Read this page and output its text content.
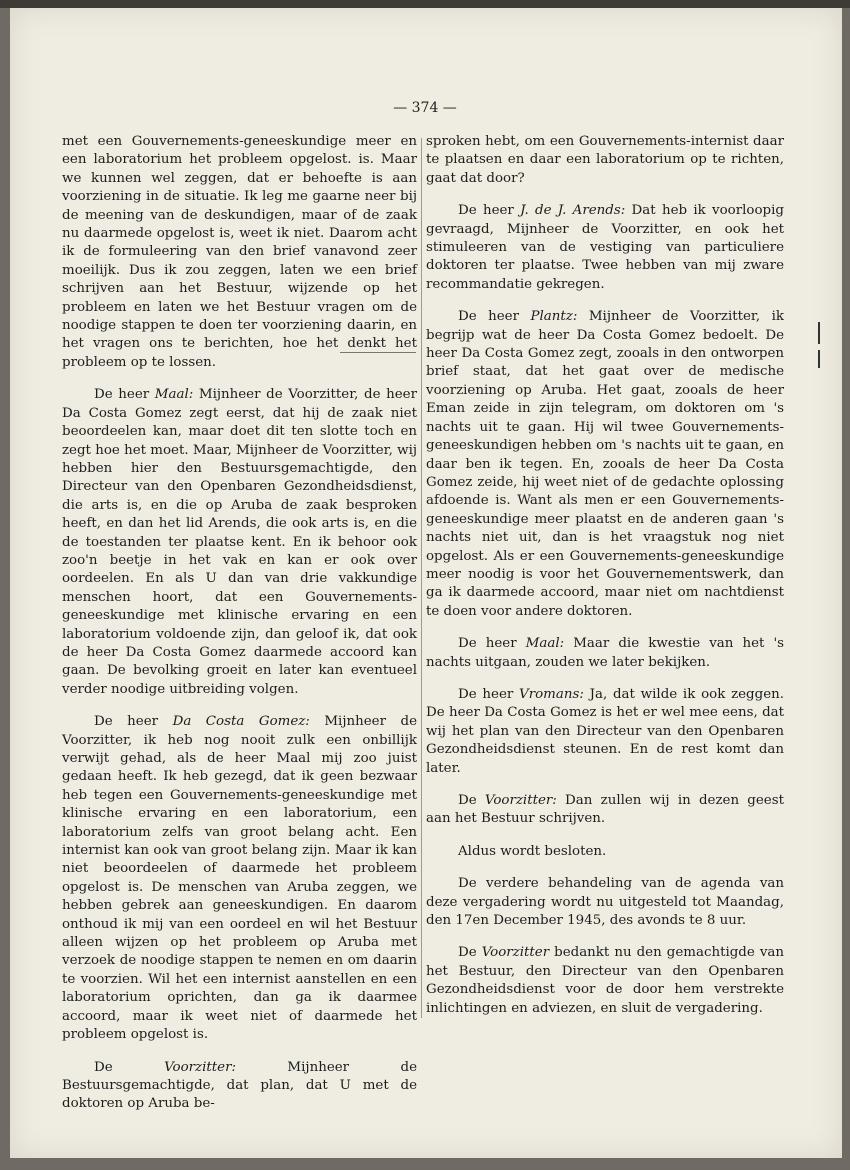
— 374 —

met een Gouvernements-geneeskundige meer en een laboratorium het probleem opgelost. is. Maar we kunnen wel zeggen, dat er behoefte is aan voorziening in de situatie. Ik leg me gaarne neer bij de meening van de deskundigen, maar of de zaak nu daarmede opgelost is, weet ik niet. Daarom acht ik de formuleering van den brief vanavond zeer moeilijk. Dus ik zou zeggen, laten we een brief schrijven aan het Bestuur, wijzende op het probleem en laten we het Bestuur vragen om de noodige stappen te doen ter voorziening daarin, en het vragen ons te berichten, hoe het denkt het probleem op te lossen.

De heer Maal: Mijnheer de Voorzitter, de heer Da Costa Gomez zegt eerst, dat hij de zaak niet beoordeelen kan, maar doet dit ten slotte toch en zegt hoe het moet. Maar, Mijnheer de Voorzitter, wij hebben hier den Bestuursgemachtigde, den Directeur van den Openbaren Gezondheidsdienst, die arts is, en die op Aruba de zaak besproken heeft, en dan het lid Arends, die ook arts is, en die de toestanden ter plaatse kent. En ik behoor ook zoo'n beetje in het vak en kan er ook over oordeelen. En als U dan van drie vakkundige menschen hoort, dat een Gouvernements-geneeskundige met klinische ervaring en een laboratorium voldoende zijn, dan geloof ik, dat ook de heer Da Costa Gomez daarmede accoord kan gaan. De bevolking groeit en later kan eventueel verder noodige uitbreiding volgen.

De heer Da Costa Gomez: Mijnheer de Voorzitter, ik heb nog nooit zulk een onbillijk verwijt gehad, als de heer Maal mij zoo juist gedaan heeft. Ik heb gezegd, dat ik geen bezwaar heb tegen een Gouvernements-geneeskundige met klinische ervaring en een laboratorium, een laboratorium zelfs van groot belang acht. Een internist kan ook van groot belang zijn. Maar ik kan niet beoordeelen of daarmede het probleem opgelost is. De menschen van Aruba zeggen, we hebben gebrek aan geneeskundigen. En daarom onthoud ik mij van een oordeel en wil het Bestuur alleen wijzen op het probleem op Aruba met verzoek de noodige stappen te nemen en om daarin te voorzien. Wil het een internist aanstellen en een laboratorium oprichten, dan ga ik daarmee accoord, maar ik weet niet of daarmede het probleem opgelost is.

De Voorzitter: Mijnheer de Bestuursgemachtigde, dat plan, dat U met de doktoren op Aruba be-

sproken hebt, om een Gouvernements-internist daar te plaatsen en daar een laboratorium op te richten, gaat dat door?

De heer J. de J. Arends: Dat heb ik voorloopig gevraagd, Mijnheer de Voorzitter, en ook het stimuleeren van de vestiging van particuliere doktoren ter plaatse. Twee hebben van mij zware recommandatie gekregen.

De heer Plantz: Mijnheer de Voorzitter, ik begrijp wat de heer Da Costa Gomez bedoelt. De heer Da Costa Gomez zegt, zooals in den ontworpen brief staat, dat het gaat over de medische voorziening op Aruba. Het gaat, zooals de heer Eman zeide in zijn telegram, om doktoren om 's nachts uit te gaan. Hij wil twee Gouvernements-geneeskundigen hebben om 's nachts uit te gaan, en daar ben ik tegen. En, zooals de heer Da Costa Gomez zeide, hij weet niet of de gedachte oplossing afdoende is. Want als men er een Gouvernements-geneeskundige meer plaatst en de anderen gaan 's nachts niet uit, dan is het vraagstuk nog niet opgelost. Als er een Gouvernements-geneeskundige meer noodig is voor het Gouvernementswerk, dan ga ik daarmede accoord, maar niet om nachtdienst te doen voor andere doktoren.

De heer Maal: Maar die kwestie van het 's nachts uitgaan, zouden we later bekijken.

De heer Vromans: Ja, dat wilde ik ook zeggen. De heer Da Costa Gomez is het er wel mee eens, dat wij het plan van den Directeur van den Openbaren Gezondheidsdienst steunen. En de rest komt dan later.

De Voorzitter: Dan zullen wij in dezen geest aan het Bestuur schrijven.

Aldus wordt besloten.

De verdere behandeling van de agenda van deze vergadering wordt nu uitgesteld tot Maandag, den 17en December 1945, des avonds te 8 uur.

De Voorzitter bedankt nu den gemachtigde van het Bestuur, den Directeur van den Openbaren Gezondheidsdienst voor de door hem verstrekte inlichtingen en adviezen, en sluit de vergadering.
